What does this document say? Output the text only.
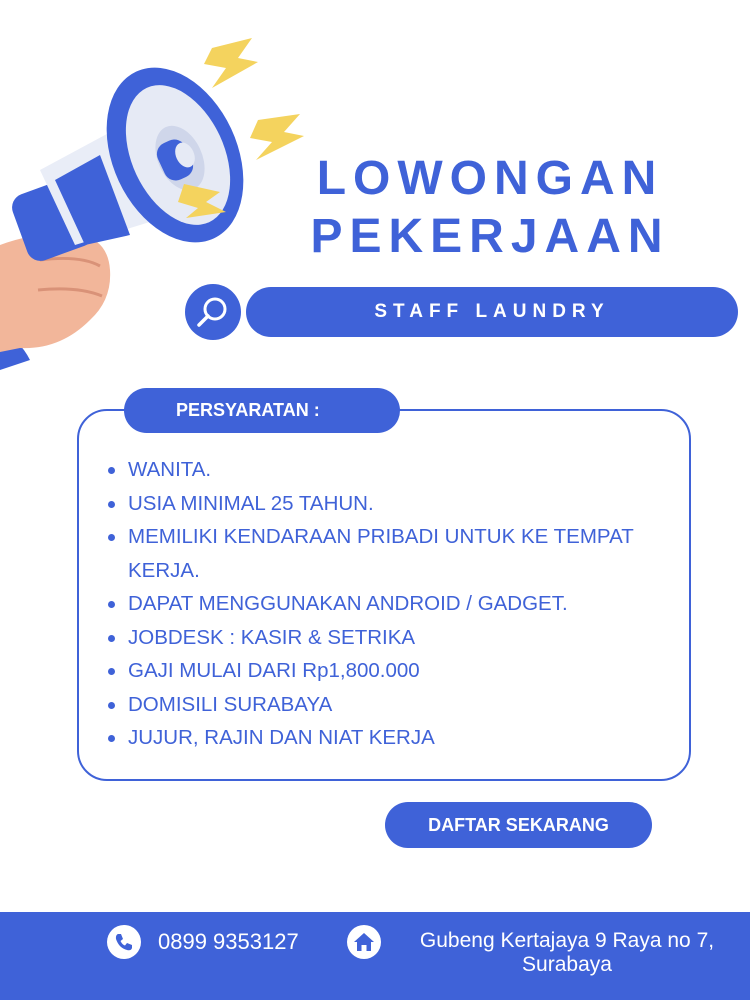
LOWONGAN
PEKERJAAN
STAFF LAUNDRY
PERSYARATAN :
WANITA.
USIA MINIMAL 25 TAHUN.
MEMILIKI KENDARAAN PRIBADI UNTUK KE TEMPAT KERJA.
DAPAT MENGGUNAKAN ANDROID / GADGET.
JOBDESK : KASIR & SETRIKA
GAJI MULAI DARI Rp1,800.000
DOMISILI SURABAYA
JUJUR, RAJIN DAN NIAT KERJA
DAFTAR SEKARANG
0899 9353127	Gubeng Kertajaya 9 Raya no 7,
Surabaya
